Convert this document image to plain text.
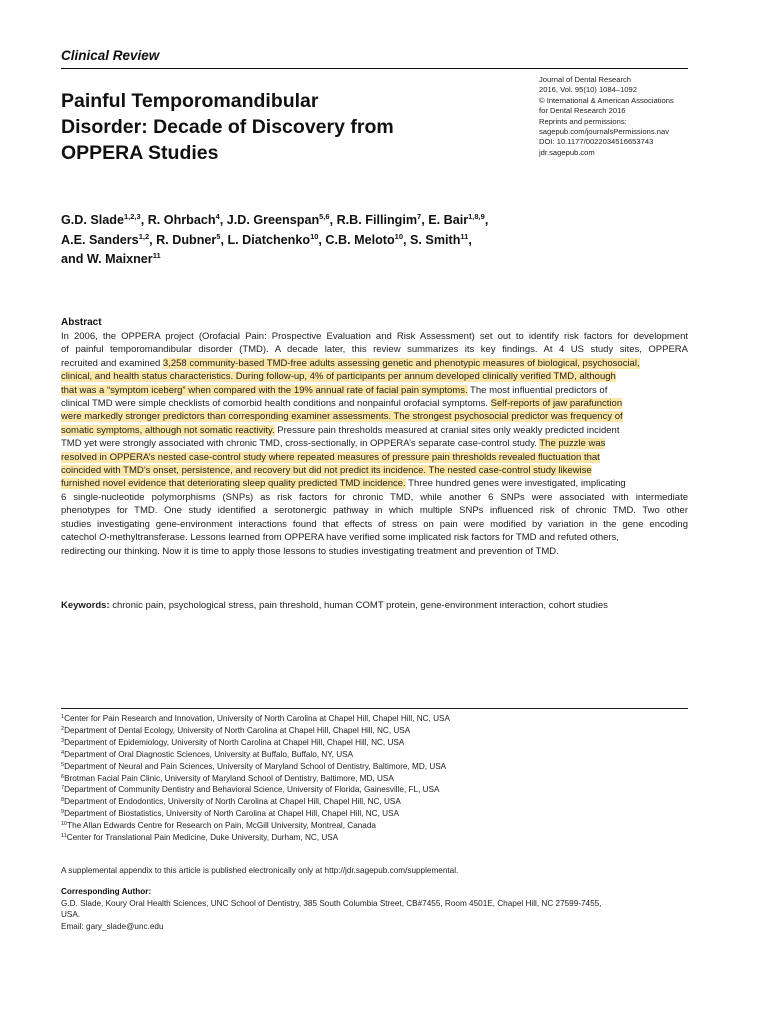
Clinical Review
Painful Temporomandibular
Disorder: Decade of Discovery from
OPPERA Studies
Journal of Dental Research
2016, Vol. 95(10) 1084–1092
© International & American Associations
for Dental Research 2016
Reprints and permissions:
sagepub.com/journalsPermissions.nav
DOI: 10.1177/0022034516653743
jdr.sagepub.com
G.D. Slade$^{1,2,3}$, R. Ohrbach$^4$, J.D. Greenspan$^{5,6}$, R.B. Fillingim$^7$, E. Bair$^{1,8,9}$,
A.E. Sanders$^{1,2}$, R. Dubner$^5$, L. Diatchenko$^{10}$, C.B. Meloto$^{10}$, S. Smith$^{11}$,
and W. Maixner$^{11}$
Abstract
In 2006, the OPPERA project (Orofacial Pain: Prospective Evaluation and Risk Assessment) set out to identify risk factors for development
of painful temporomandibular disorder (TMD). A decade later, this review summarizes its key findings. At 4 US study sites, OPPERA
recruited and examined 3,258 community-based TMD-free adults assessing genetic and phenotypic measures of biological, psychosocial,
clinical, and health status characteristics. During follow-up, 4% of participants per annum developed clinically verified TMD, although
that was a “symptom iceberg” when compared with the 19% annual rate of facial pain symptoms. The most influential predictors of
clinical TMD were simple checklists of comorbid health conditions and nonpainful orofacial symptoms. Self-reports of jaw parafunction
were markedly stronger predictors than corresponding examiner assessments. The strongest psychosocial predictor was frequency of
somatic symptoms, although not somatic reactivity. Pressure pain thresholds measured at cranial sites only weakly predicted incident
TMD yet were strongly associated with chronic TMD, cross-sectionally, in OPPERA’s separate case-control study. The puzzle was
resolved in OPPERA’s nested case-control study where repeated measures of pressure pain thresholds revealed fluctuation that
coincided with TMD’s onset, persistence, and recovery but did not predict its incidence. The nested case-control study likewise
furnished novel evidence that deteriorating sleep quality predicted TMD incidence. Three hundred genes were investigated, implicating
6 single-nucleotide polymorphisms (SNPs) as risk factors for chronic TMD, while another 6 SNPs were associated with intermediate
phenotypes for TMD. One study identified a serotonergic pathway in which multiple SNPs influenced risk of chronic TMD. Two other
studies investigating gene-environment interactions found that effects of stress on pain were modified by variation in the gene encoding
catechol O-methyltransferase. Lessons learned from OPPERA have verified some implicated risk factors for TMD and refuted others,
redirecting our thinking. Now it is time to apply those lessons to studies investigating treatment and prevention of TMD.
Keywords: chronic pain, psychological stress, pain threshold, human COMT protein, gene-environment interaction, cohort studies
$^1$Center for Pain Research and Innovation, University of North Carolina at Chapel Hill, Chapel Hill, NC, USA
$^2$Department of Dental Ecology, University of North Carolina at Chapel Hill, Chapel Hill, NC, USA
$^3$Department of Epidemiology, University of North Carolina at Chapel Hill, Chapel Hill, NC, USA
$^4$Department of Oral Diagnostic Sciences, University at Buffalo, Buffalo, NY, USA
$^5$Department of Neural and Pain Sciences, University of Maryland School of Dentistry, Baltimore, MD, USA
$^6$Brotman Facial Pain Clinic, University of Maryland School of Dentistry, Baltimore, MD, USA
$^7$Department of Community Dentistry and Behavioral Science, University of Florida, Gainesville, FL, USA
$^8$Department of Endodontics, University of North Carolina at Chapel Hill, Chapel Hill, NC, USA
$^9$Department of Biostatistics, University of North Carolina at Chapel Hill, Chapel Hill, NC, USA
$^{10}$The Allan Edwards Centre for Research on Pain, McGill University, Montreal, Canada
$^{11}$Center for Translational Pain Medicine, Duke University, Durham, NC, USA
A supplemental appendix to this article is published electronically only at http://jdr.sagepub.com/supplemental.
Corresponding Author:
G.D. Slade, Koury Oral Health Sciences, UNC School of Dentistry, 385 South Columbia Street, CB#7455, Room 4501E, Chapel Hill, NC 27599-7455,
USA.
Email: gary_slade@unc.edu
